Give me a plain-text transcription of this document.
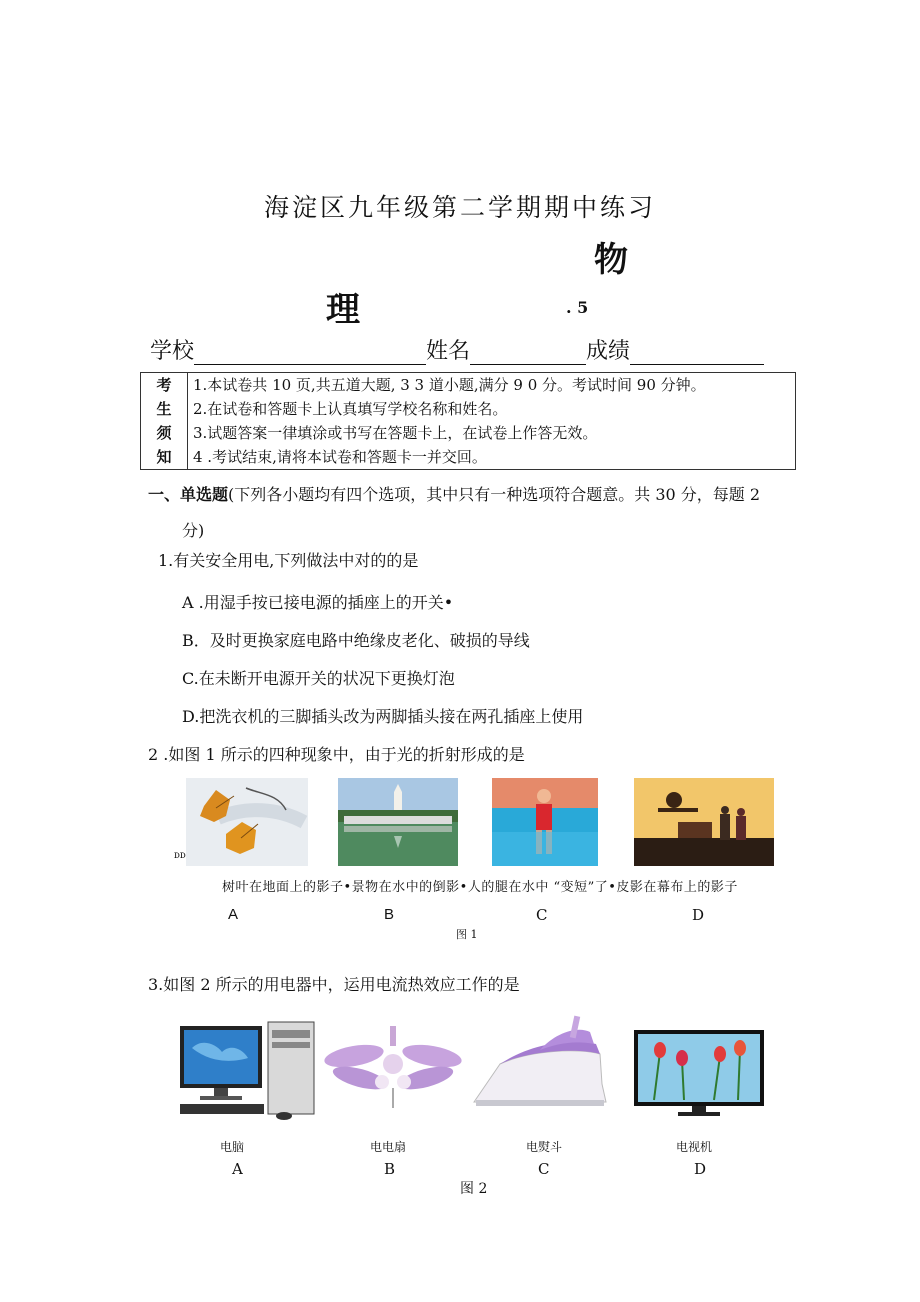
海淀区九年级第二学期期中练习
物
理	. 5
学校	姓名	成绩
考
生
须
知
1.本试卷共 10 页,共五道大题, 3 3 道小题,满分 9 0 分。考试时间 90 分钟。
2.在试卷和答题卡上认真填写学校名称和姓名。
3.试题答案一律填涂或书写在答题卡上，在试卷上作答无效。
4 .考试结束,请将本试卷和答题卡一并交回。
一、单选题(下列各小题均有四个选项，其中只有一种选项符合题意。共 30 分，每题 2
分)
1.有关安全用电,下列做法中对的的是
A .用湿手按已接电源的插座上的开关•
B．及时更换家庭电路中绝缘皮老化、破损的导线
C.在未断开电源开关的状况下更换灯泡
D.把洗衣机的三脚插头改为两脚插头接在两孔插座上使用
2 .如图 1 所示的四种现象中，由于光的折射形成的是
ᴅᴅ
树叶在地面上的影子•景物在水中的倒影•人的腿在水中 “变短”了•皮影在幕布上的影子
A	B	C	D
图 1
3.如图 2 所示的用电器中，运用电流热效应工作的是
电脑	电电扇	电熨斗	电视机
A	B	C	D
图 2
